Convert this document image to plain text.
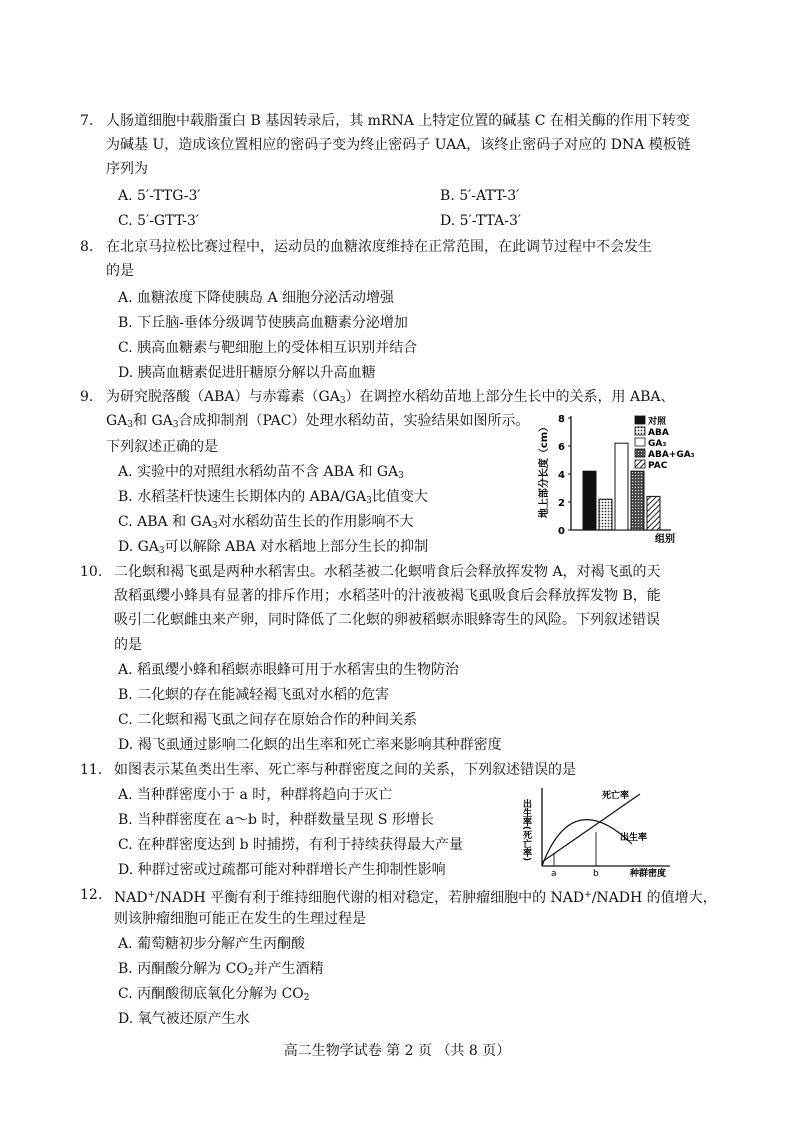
7. 人肠道细胞中载脂蛋白 B 基因转录后，其 mRNA 上特定位置的碱基 C 在相关酶的作用下转变
为碱基 U，造成该位置相应的密码子变为终止密码子 UAA，该终止密码子对应的 DNA 模板链
序列为
A. 5′-TTG-3′	B. 5′-ATT-3′
C. 5′-GTT-3′	D. 5′-TTA-3′
8. 在北京马拉松比赛过程中，运动员的血糖浓度维持在正常范围，在此调节过程中不会发生
的是
A. 血糖浓度下降使胰岛 A 细胞分泌活动增强
B. 下丘脑-垂体分级调节使胰高血糖素分泌增加
C. 胰高血糖素与靶细胞上的受体相互识别并结合
D. 胰高血糖素促进肝糖原分解以升高血糖
9. 为研究脱落酸（ABA）与赤霉素$(GA_3)$在调控水稻幼苗地上部分生长中的关系，用 ABA、
$GA_3$和 $GA_3$合成抑制剂（PAC）处理水稻幼苗，实验结果如图所示。
下列叙述正确的是
A. 实验中的对照组水稻幼苗不含 ABA 和 $GA_3$
B. 水稻茎杆快速生长期体内的 ABA/$GA_3$比值变大
C. ABA 和 $GA_3$对水稻幼苗生长的作用影响不大
D. $GA_3$可以解除 ABA 对水稻地上部分生长的抑制
地上部分长度（cm）
0
2
4
6
8	对照
ABA
GA₃
ABA+GA₃
PAC
组别
10. 二化螟和褐飞虱是两种水稻害虫。水稻茎被二化螟啃食后会释放挥发物 A，对褐飞虱的天
敌稻虱缨小蜂具有显著的排斥作用；水稻茎叶的汁液被褐飞虱吸食后会释放挥发物 B，能
吸引二化螟雌虫来产卵，同时降低了二化螟的卵被稻螟赤眼蜂寄生的风险。下列叙述错误
的是
A. 稻虱缨小蜂和稻螟赤眼蜂可用于水稻害虫的生物防治
B. 二化螟的存在能减轻褐飞虱对水稻的危害
C. 二化螟和褐飞虱之间存在原始合作的种间关系
D. 褐飞虱通过影响二化螟的出生率和死亡率来影响其种群密度
11. 如图表示某鱼类出生率、死亡率与种群密度之间的关系，下列叙述错误的是
A. 当种群密度小于 a 时，种群将趋向于灭亡
B. 当种群密度在 a～b 时，种群数量呈现 S 形增长
C. 在种群密度达到 b 时捕捞，有利于持续获得最大产量
D. 种群过密或过疏都可能对种群增长产生抑制性影响
出生率(死亡率)
死亡率
出生率
a	b	种群密度
12. NAD+/NADH 平衡有利于维持细胞代谢的相对稳定，若肿瘤细胞中的 NAD+/NADH 的值增大，
则该肿瘤细胞可能正在发生的生理过程是
A. 葡萄糖初步分解产生丙酮酸
B. 丙酮酸分解为 $CO_2$并产生酒精
C. 丙酮酸彻底氧化分解为 $CO_2$
D. 氧气被还原产生水
高二生物学试卷 第 2 页 （共 8 页）
